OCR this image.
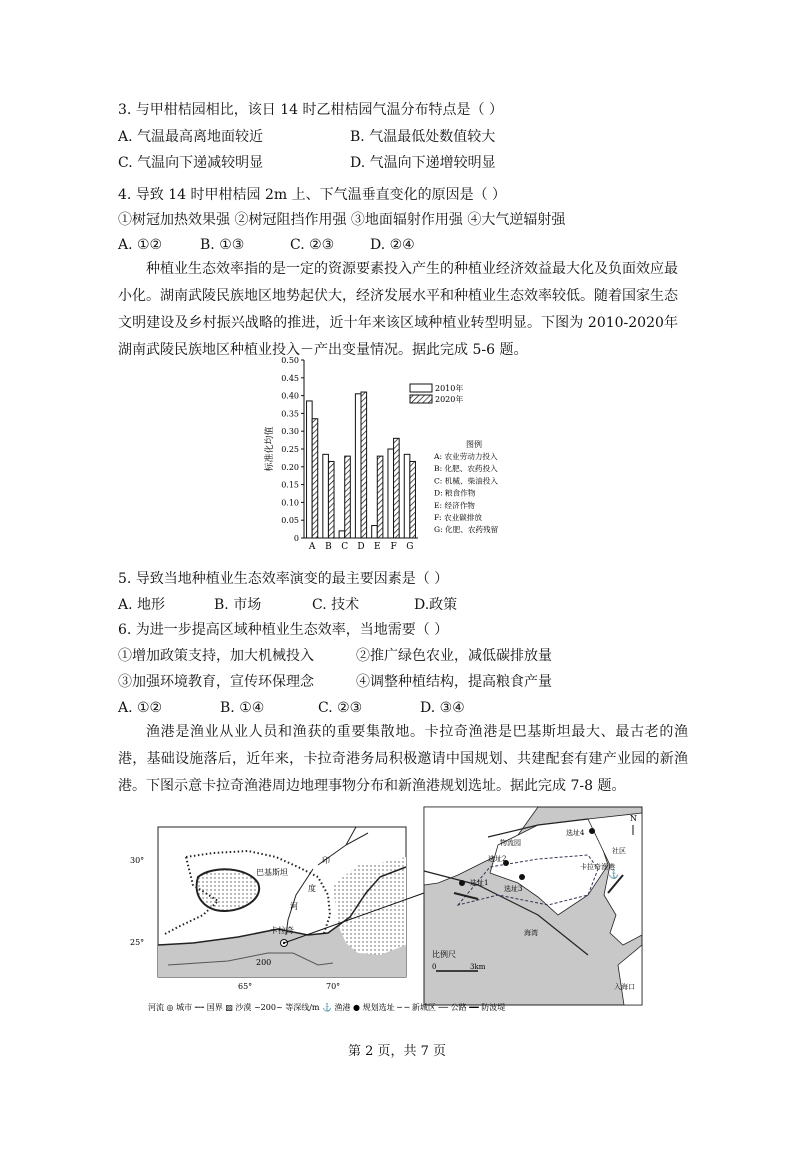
3. 与甲柑桔园相比，该日 14 时乙柑桔园气温分布特点是（ ）
A. 气温最高离地面较近	B. 气温最低处数值较大
C. 气温向下递减较明显	D. 气温向下递增较明显
4. 导致 14 时甲柑桔园 2m 上、下气温垂直变化的原因是（ ）
①树冠加热效果强 ②树冠阻挡作用强 ③地面辐射作用强 ④大气逆辐射强
A. ①②	B. ①③	C. ②③	D. ②④
种植业生态效率指的是一定的资源要素投入产生的种植业经济效益最大化及负面效应最小化。湖南武陵民族地区地势起伏大，经济发展水平和种植业生态效率较低。随着国家生态文明建设及乡村振兴战略的推进，近十年来该区域种植业转型明显。下图为 2010-2020年湖南武陵民族地区种植业投入－产出变量情况。据此完成 5-6 题。
0
0.05
0.10
0.15
0.20
0.25
0.30
0.35
0.40
0.45
0.50
标准化均值
A B C D E F G
2010年
2020年
图例
A: 农业劳动力投入
B: 化肥、农药投入
C: 机械、柴油投入
D: 粮食作物
E: 经济作物
F: 农业碳排放
G: 化肥、农药残留
5. 导致当地种植业生态效率演变的最主要因素是（ ）
A. 地形	B. 市场	C. 技术	D.政策
6. 为进一步提高区域种植业生态效率，当地需要（ ）
①增加政策支持，加大机械投入	②推广绿色农业，减低碳排放量
③加强环境教育，宣传环保理念	④调整种植结构，提高粮食产量
A. ①②	B. ①④	C. ②③	D. ③④
渔港是渔业从业人员和渔获的重要集散地。卡拉奇渔港是巴基斯坦最大、最古老的渔港，基础设施落后，近年来，卡拉奇港务局积极邀请中国规划、共建配套有建产业园的新渔港。下图示意卡拉奇渔港周边地理事物分布和新渔港规划选址。据此完成 7-8 题。
30°
25°
65°	70°
巴基斯坦
印
度
河
卡拉奇
200
⚓
选址1
选址2
选址3
选址4
物流园
社区
卡拉奇渔港
海湾
入海口
N
比例尺
0	3km
河流 ◎ 城市 ┉┉ 国界 ▨ 沙漠 ~200~ 等深线/m ⚓ 渔港 ● 规划选址 ─ ─ 新城区 ── 公路 ━━ 防波堤
第 2 页，共 7 页
